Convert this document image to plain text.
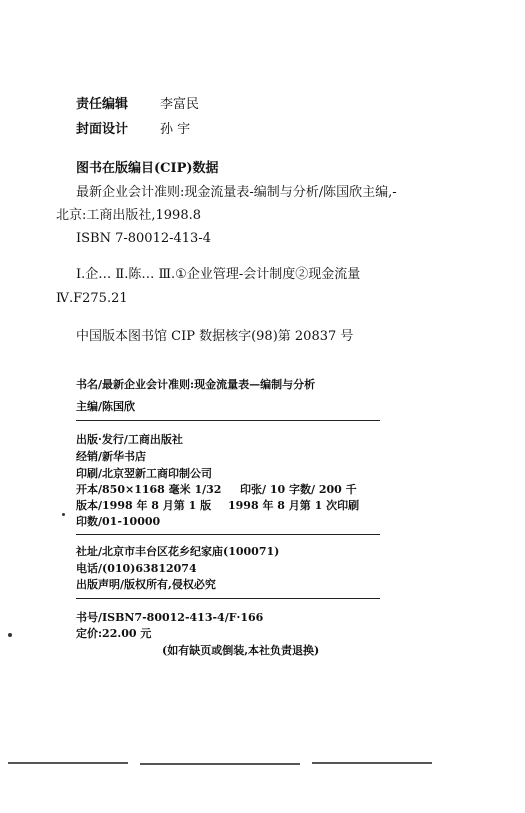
责任编辑 李富民
封面设计 孙 宇
图书在版编目(CIP)数据
最新企业会计准则:现金流量表-编制与分析/陈国欣主编,-
北京:工商出版社,1998.8
ISBN 7-80012-413-4
Ⅰ.企… Ⅱ.陈… Ⅲ.①企业管理-会计制度②现金流量
Ⅳ.F275.21
中国版本图书馆 CIP 数据核字(98)第 20837 号
书名/最新企业会计准则:现金流量表—编制与分析
主编/陈国欣
出版·发行/工商出版社
经销/新华书店
印刷/北京翌新工商印制公司
开本/850×1168 毫米 1/32 印张/ 10 字数/ 200 千
版本/1998 年 8 月第 1 版 1998 年 8 月第 1 次印刷
印数/01-10000
社址/北京市丰台区花乡纪家庙(100071)
电话/(010)63812074
出版声明/版权所有,侵权必究
书号/ISBN7-80012-413-4/F·166
定价:22.00 元
(如有缺页或倒装,本社负责退换)
